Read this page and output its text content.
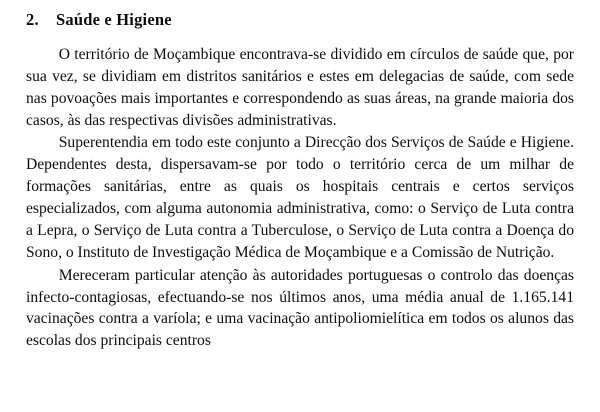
2.	Saúde e Higiene

O território de Moçambique encontrava-se dividido em círculos de saúde que, por sua vez, se dividiam em distritos sanitários e estes em delegacias de saúde, com sede nas povoações mais importantes e correspondendo as suas áreas, na grande maioria dos casos, às das respectivas divisões administrativas.

Superentendia em todo este conjunto a Direcção dos Serviços de Saúde e Higiene. Dependentes desta, dispersavam-se por todo o território cerca de um milhar de formações sanitárias, entre as quais os hospitais centrais e certos serviços especializados, com alguma autonomia administrativa, como: o Serviço de Luta contra a Lepra, o Serviço de Luta contra a Tuberculose, o Serviço de Luta contra a Doença do Sono, o Instituto de Investigação Médica de Moçambique e a Comissão de Nutrição.

Mereceram particular atenção às autoridades portuguesas o controlo das doenças infecto-contagiosas, efectuando-se nos últimos anos, uma média anual de 1.165.141 vacinações contra a varíola; e uma vacinação antipoliomielítica em todos os alunos das escolas dos principais centros
